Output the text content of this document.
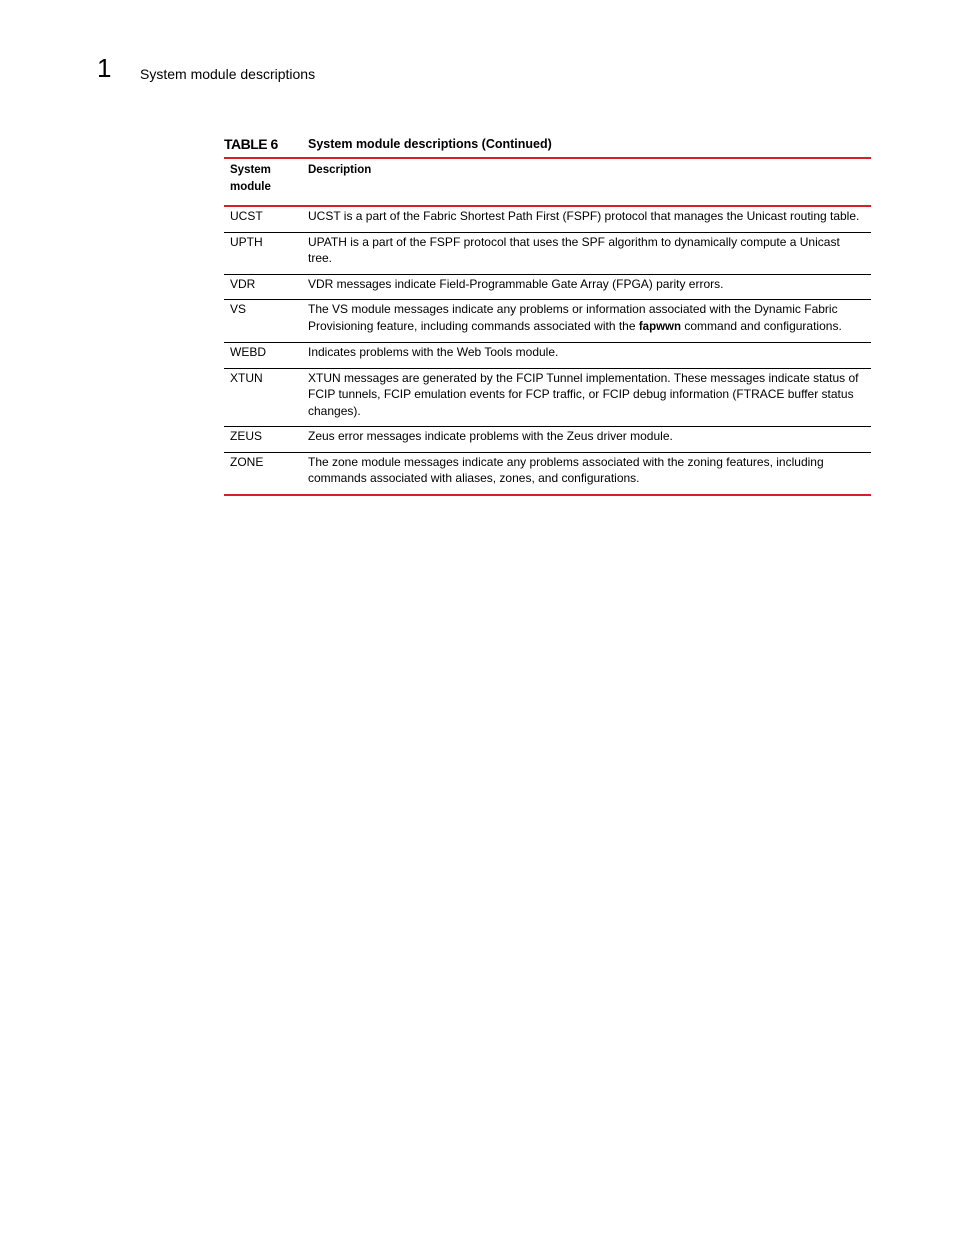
1 System module descriptions
TABLE 6 System module descriptions (Continued)
System
module	Description
UCST	UCST is a part of the Fabric Shortest Path First (FSPF) protocol that manages the Unicast routing table.
UPTH	UPATH is a part of the FSPF protocol that uses the SPF algorithm to dynamically compute a Unicast tree.
VDR	VDR messages indicate Field-Programmable Gate Array (FPGA) parity errors.
VS	The VS module messages indicate any problems or information associated with the Dynamic Fabric Provisioning feature, including commands associated with the fapwwn command and configurations.
WEBD	Indicates problems with the Web Tools module.
XTUN	XTUN messages are generated by the FCIP Tunnel implementation. These messages indicate status of FCIP tunnels, FCIP emulation events for FCP traffic, or FCIP debug information (FTRACE buffer status changes).
ZEUS	Zeus error messages indicate problems with the Zeus driver module.
ZONE	The zone module messages indicate any problems associated with the zoning features, including commands associated with aliases, zones, and configurations.
